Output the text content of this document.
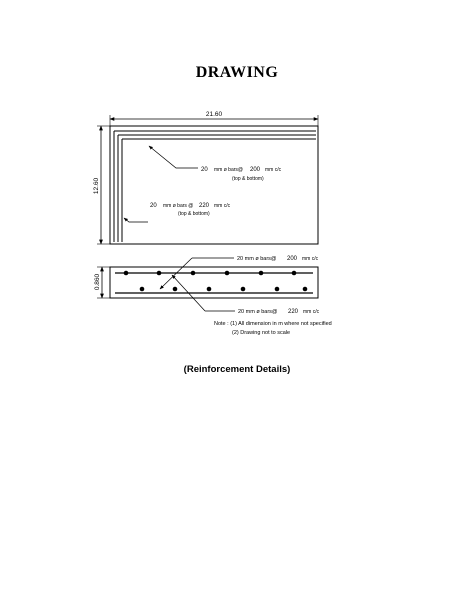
DRAWING
21.60
12.60
20 mm ø bars@ 200 mm c/c
(top & bottom)
20 mm ø bars @ 220 mm c/c
(top & bottom)
0.860
20 mm ø bars@ 200 mm c/c
20 mm ø bars@ 220 mm c/c
Note : (1) All dimension in m where not specified
(2) Drawing not to scale
(Reinforcement Details)
